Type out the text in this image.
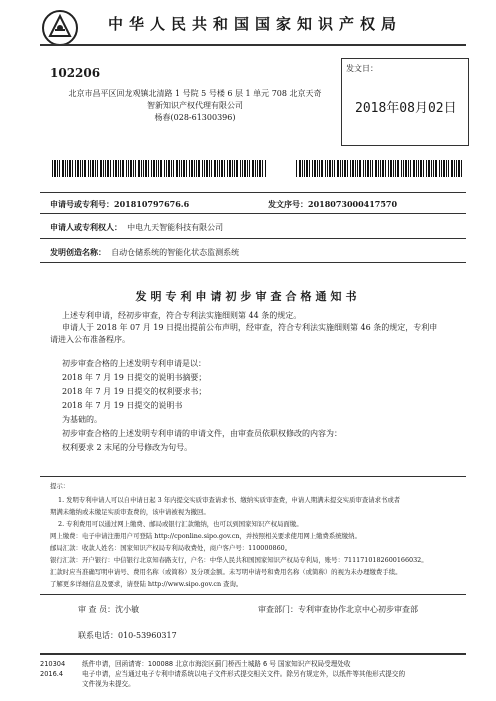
中华人民共和国国家知识产权局
102206
北京市昌平区回龙观镇北清路 1 号院 5 号楼 6 层 1 单元 708 北京天奇
智新知识产权代理有限公司
杨春(028-61300396)
发文日：
2018年08月02日
申请号或专利号：201810797676.6	发文序号：2018073000417570
申请人或专利权人： 中电九天智能科技有限公司
发明创造名称： 自动仓储系统的智能化状态监测系统
发明专利申请初步审查合格通知书
上述专利申请，经初步审查，符合专利法实施细则第 44 条的规定。
申请人于 2018 年 07 月 19 日提出提前公布声明，经审查，符合专利法实施细则第 46 条的规定，专利申
请进入公布准备程序。
初步审查合格的上述发明专利申请是以：
2018 年 7 月 19 日提交的说明书摘要；
2018 年 7 月 19 日提交的权利要求书；
2018 年 7 月 19 日提交的说明书
为基础的。
初步审查合格的上述发明专利申请的申请文件，由审查员依职权修改的内容为：
权利要求 2 末尾的分号修改为句号。
提示：
1. 发明专利申请人可以自申请日起 3 年内提交实质审查请求书、缴纳实质审查费，申请人期满未提交实质审查请求书或者
期满未缴纳或未缴足实质审查费的，该申请被视为撤回。
2. 专利费用可以通过网上缴费、邮局或银行汇款缴纳，也可以到国家知识产权局面缴。
网上缴费：电子申请注册用户可登陆 http://cponline.sipo.gov.cn，并按照相关要求使用网上缴费系统缴纳。
邮局汇款：收款人姓名：国家知识产权局专利局收费处，商户客户号：110000860。
银行汇款：开户银行：中信银行北京知春路支行，户名：中华人民共和国国家知识产权局专利局，账号：7111710182600166032。
汇款时应当准确写明申请号、费用名称（或简称）及分项金额。未写明申请号和费用名称（或简称）的视为未办理缴费手续。
了解更多详细信息及要求，请登陆 http://www.sipo.gov.cn 查询。
审 查 员：沈小敏	审查部门：专利审查协作北京中心初步审查部
联系电话：010-53960317
210304
2016.4
纸件申请，回函请寄：100088 北京市海淀区蓟门桥西土城路 6 号 国家知识产权局受理处收
电子申请，应当通过电子专利申请系统以电子文件形式提交相关文件。除另有规定外，以纸件等其他形式提交的
文件视为未提交。
